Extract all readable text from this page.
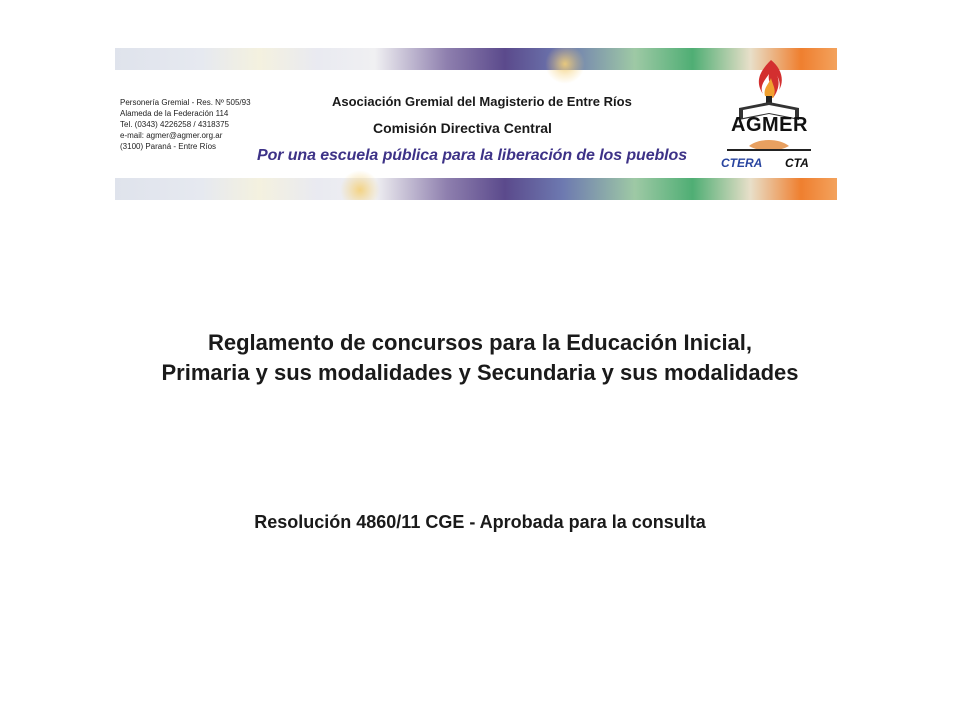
Personería Gremial - Res. Nº 505/93
Alameda de la Federación 114
Tel. (0343) 4226258 / 4318375
e-mail: agmer@agmer.org.ar
(3100) Paraná - Entre Ríos
Asociación Gremial del Magisterio de Entre Ríos
Comisión Directiva Central
Por una escuela pública para la liberación de los pueblos
AGMER
CTERA CTA
Reglamento de concursos para la Educación Inicial,
Primaria y sus modalidades y Secundaria y sus modalidades
Resolución 4860/11 CGE - Aprobada para la consulta
